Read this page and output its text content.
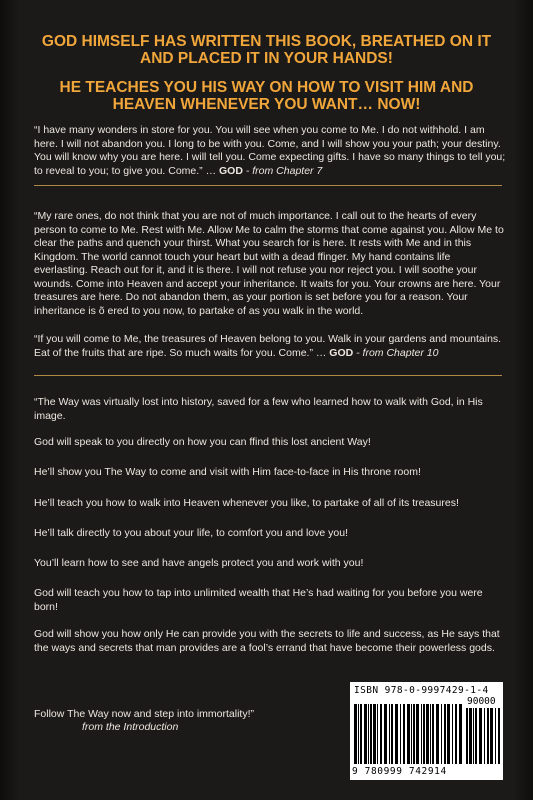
GOD HIMSELF HAS WRITTEN THIS BOOK, BREATHED ON IT AND PLACED IT IN YOUR HANDS!
HE TEACHES YOU HIS WAY ON HOW TO VISIT HIM AND HEAVEN WHENEVER YOU WANT… NOW!
“I have many wonders in store for you. You will see when you come to Me. I do not withhold. I am here. I will not abandon you. I long to be with you. Come, and I will show you your path; your destiny. You will know why you are here. I will tell you. Come expecting gifts. I have so many things to tell you; to reveal to you; to give you. Come.” … GOD - from Chapter 7
“My rare ones, do not think that you are not of much importance. I call out to the hearts of every person to come to Me. Rest with Me. Allow Me to calm the storms that come against you. Allow Me to clear the paths and quench your thirst. What you search for is here. It rests with Me and in this Kingdom. The world cannot touch your heart but with a dead ffinger. My hand contains life everlasting. Reach out for it, and it is there. I will not refuse you nor reject you. I will soothe your wounds. Come into Heaven and accept your inheritance. It waits for you. Your crowns are here. Your treasures are here. Do not abandon them, as your portion is set before you for a reason. Your inheritance is õ ered to you now, to partake of as you walk in the world.
“If you will come to Me, the treasures of Heaven belong to you. Walk in your gardens and mountains. Eat of the fruits that are ripe. So much waits for you. Come.” … GOD - from Chapter 10
“The Way was virtually lost into history, saved for a few who learned how to walk with God, in His image.
God will speak to you directly on how you can ffind this lost ancient Way!
He’ll show you The Way to come and visit with Him face-to-face in His throne room!
He’ll teach you how to walk into Heaven whenever you like, to partake of all of its treasures!
He’ll talk directly to you about your life, to comfort you and love you!
You’ll learn how to see and have angels protect you and work with you!
God will teach you how to tap into unlimited wealth that He’s had waiting for you before you were born!
God will show you how only He can provide you with the secrets to life and success, as He says that the ways and secrets that man provides are a fool’s errand that have become their powerless gods.
Follow The Way now and step into immortality!”
from the Introduction
ISBN 978-0-9997429-1-4
90000
9 780999 742914
